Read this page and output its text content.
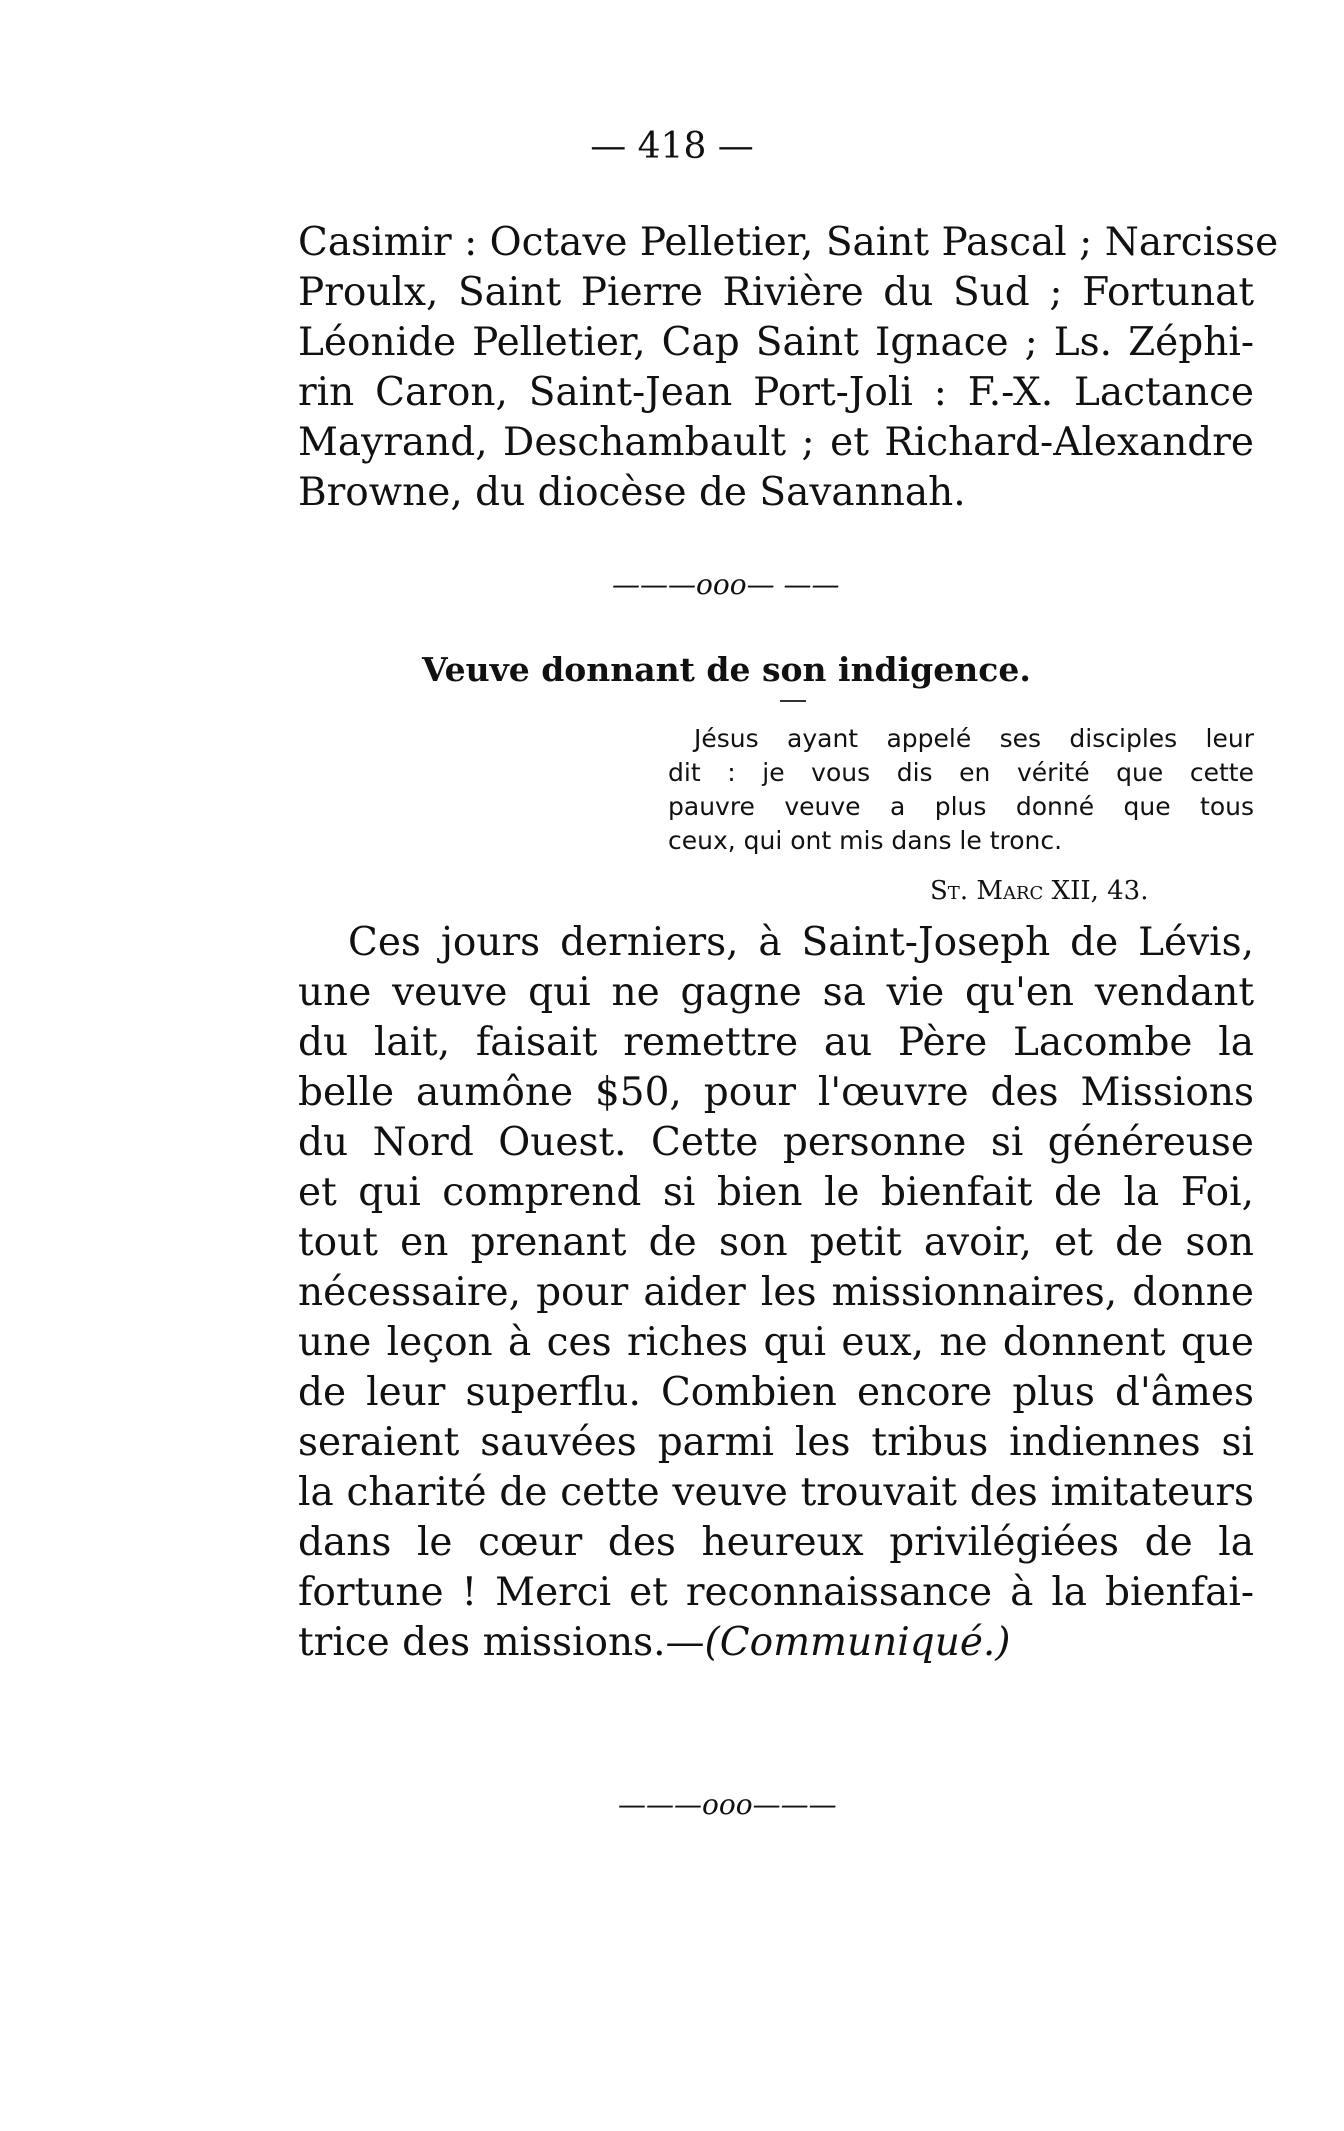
— 418 —

Casimir : Octave Pelletier, Saint Pascal ; Narcisse

Proulx, Saint Pierre Rivière du Sud ; Fortunat

Léonide Pelletier, Cap Saint Ignace ; Ls. Zéphi-

rin Caron, Saint-Jean Port-Joli : F.-X. Lactance

Mayrand, Deschambault ; et Richard-Alexandre

Browne, du diocèse de Savannah.

———ooo— ——
Veuve donnant de son indigence.

Jésus ayant appelé ses disciples leur

dit : je vous dis en vérité que cette

pauvre veuve a plus donné que tous

ceux, qui ont mis dans le tronc.

St. Marc XII, 43.

Ces jours derniers, à Saint-Joseph de Lévis,

une veuve qui ne gagne sa vie qu'en vendant

du lait, faisait remettre au Père Lacombe la

belle aumône $50, pour l'œuvre des Missions

du Nord Ouest. Cette personne si généreuse

et qui comprend si bien le bienfait de la Foi,

tout en prenant de son petit avoir, et de son

nécessaire, pour aider les missionnaires, donne

une leçon à ces riches qui eux, ne donnent que

de leur superflu. Combien encore plus d'âmes

seraient sauvées parmi les tribus indiennes si

la charité de cette veuve trouvait des imitateurs

dans le cœur des heureux privilégiées de la

fortune ! Merci et reconnaissance à la bienfai-

trice des missions.—(Communiqué.)

———ooo———
